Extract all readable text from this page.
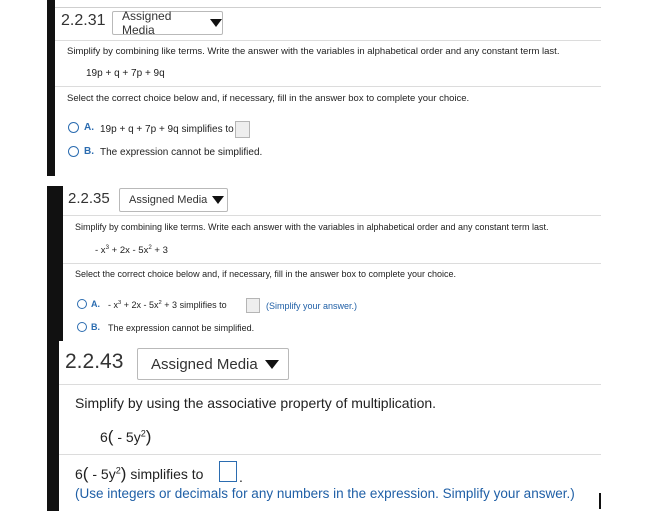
2.2.31 Assigned Media
Simplify by combining like terms. Write the answer with the variables in alphabetical order and any constant term last.
19p + q + 7p + 9q
Select the correct choice below and, if necessary, fill in the answer box to complete your choice.
A. 19p + q + 7p + 9q simplifies to
B. The expression cannot be simplified.
2.2.35 Assigned Media
Simplify by combining like terms. Write each answer with the variables in alphabetical order and any constant term last.
- $x^3 + 2x - 5x^2 + 3$
Select the correct choice below and, if necessary, fill in the answer box to complete your choice.
A. - $x^3 + 2x - 5x^2 + 3$ simplifies to	(Simplify your answer.)
B. The expression cannot be simplified.
2.2.43 Assigned Media
Simplify by using the associative property of multiplication.
$6( - 5y^2)$
$6( - 5y^2)$ simplifies to	.
(Use integers or decimals for any numbers in the expression. Simplify your answer.)
